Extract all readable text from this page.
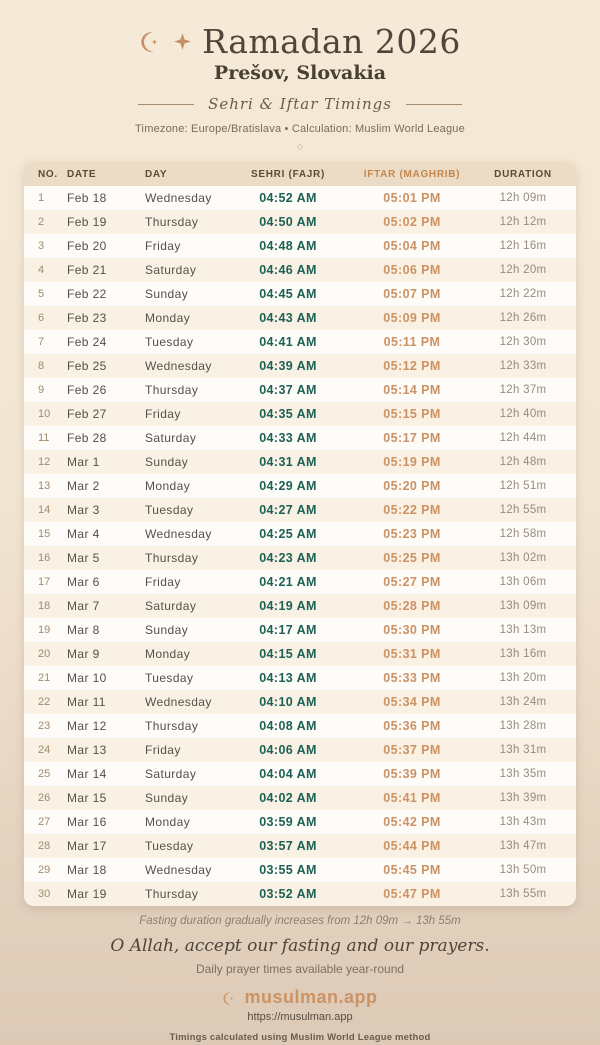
Ramadan 2026
Prešov, Slovakia
Sehri & Iftar Timings
Timezone: Europe/Bratislava • Calculation: Muslim World League
◇
NO.	DATE	DAY	SEHRI (FAJR)	IFTAR (MAGHRIB)	DURATION
1	Feb 18	Wednesday	04:52 AM	05:01 PM	12h 09m
2	Feb 19	Thursday	04:50 AM	05:02 PM	12h 12m
3	Feb 20	Friday	04:48 AM	05:04 PM	12h 16m
4	Feb 21	Saturday	04:46 AM	05:06 PM	12h 20m
5	Feb 22	Sunday	04:45 AM	05:07 PM	12h 22m
6	Feb 23	Monday	04:43 AM	05:09 PM	12h 26m
7	Feb 24	Tuesday	04:41 AM	05:11 PM	12h 30m
8	Feb 25	Wednesday	04:39 AM	05:12 PM	12h 33m
9	Feb 26	Thursday	04:37 AM	05:14 PM	12h 37m
10	Feb 27	Friday	04:35 AM	05:15 PM	12h 40m
11	Feb 28	Saturday	04:33 AM	05:17 PM	12h 44m
12	Mar 1	Sunday	04:31 AM	05:19 PM	12h 48m
13	Mar 2	Monday	04:29 AM	05:20 PM	12h 51m
14	Mar 3	Tuesday	04:27 AM	05:22 PM	12h 55m
15	Mar 4	Wednesday	04:25 AM	05:23 PM	12h 58m
16	Mar 5	Thursday	04:23 AM	05:25 PM	13h 02m
17	Mar 6	Friday	04:21 AM	05:27 PM	13h 06m
18	Mar 7	Saturday	04:19 AM	05:28 PM	13h 09m
19	Mar 8	Sunday	04:17 AM	05:30 PM	13h 13m
20	Mar 9	Monday	04:15 AM	05:31 PM	13h 16m
21	Mar 10	Tuesday	04:13 AM	05:33 PM	13h 20m
22	Mar 11	Wednesday	04:10 AM	05:34 PM	13h 24m
23	Mar 12	Thursday	04:08 AM	05:36 PM	13h 28m
24	Mar 13	Friday	04:06 AM	05:37 PM	13h 31m
25	Mar 14	Saturday	04:04 AM	05:39 PM	13h 35m
26	Mar 15	Sunday	04:02 AM	05:41 PM	13h 39m
27	Mar 16	Monday	03:59 AM	05:42 PM	13h 43m
28	Mar 17	Tuesday	03:57 AM	05:44 PM	13h 47m
29	Mar 18	Wednesday	03:55 AM	05:45 PM	13h 50m
30	Mar 19	Thursday	03:52 AM	05:47 PM	13h 55m
Fasting duration gradually increases from 12h 09m → 13h 55m
O Allah, accept our fasting and our prayers.
Daily prayer times available year-round
musulman.app
https://musulman.app
Timings calculated using Muslim World League method
